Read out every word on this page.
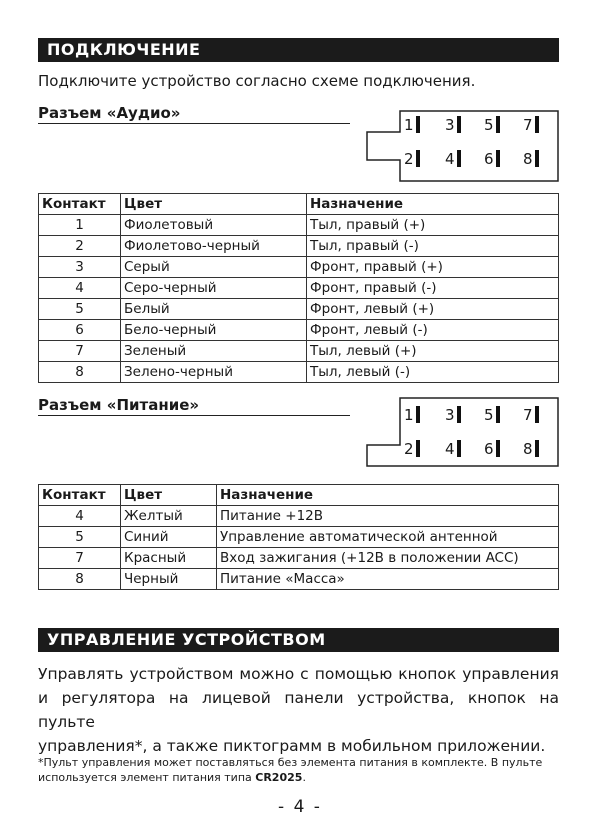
ПОДКЛЮЧЕНИЕ
Подключите устройство согласно схеме подключения.
Разъем «Аудио»
1	3	5	7
2	4	6	8
Контакт	Цвет	Назначение
1	Фиолетовый	Тыл, правый (+)
2	Фиолетово-черный	Тыл, правый (-)
3	Серый	Фронт, правый (+)
4	Серо-черный	Фронт, правый (-)
5	Белый	Фронт, левый (+)
6	Бело-черный	Фронт, левый (-)
7	Зеленый	Тыл, левый (+)
8	Зелено-черный	Тыл, левый (-)
Разъем «Питание»
1	3	5	7
2	4	6	8
Контакт	Цвет	Назначение
4	Желтый	Питание +12В
5	Синий	Управление автоматической антенной
7	Красный	Вход зажигания (+12В в положении ACC)
8	Черный	Питание «Масса»
УПРАВЛЕНИЕ УСТРОЙСТВОМ
Управлять устройством можно с помощью кнопок управления
и регулятора на лицевой панели устройства, кнопок на пульте
управления*, а также пиктограмм в мобильном приложении.
*Пульт управления может поставляться без элемента питания в комплекте. В пульте используется элемент питания типа CR2025.
- 4 -
